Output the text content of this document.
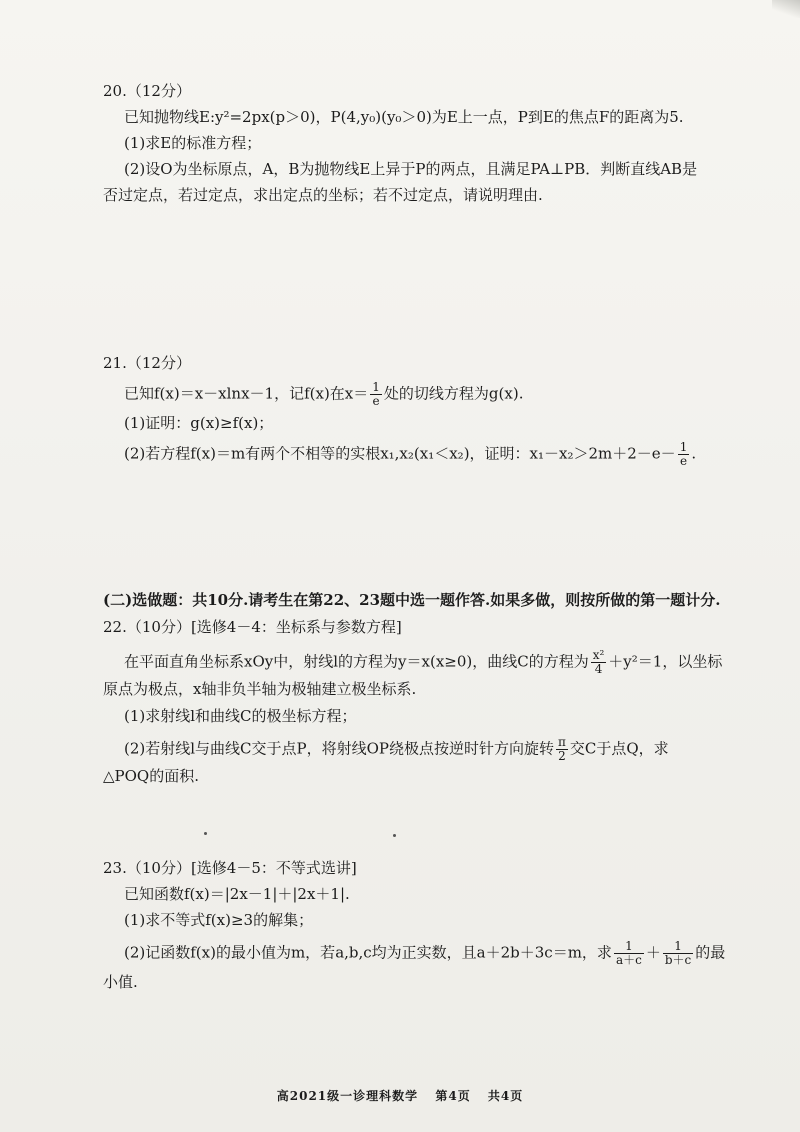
20.（12分）
已知抛物线E:y²=2px(p＞0)，P(4,y₀)(y₀＞0)为E上一点，P到E的焦点F的距离为5.
(1)求E的标准方程；
(2)设O为坐标原点，A，B为抛物线E上异于P的两点，且满足PA⊥PB．判断直线AB是
否过定点，若过定点，求出定点的坐标；若不过定点，请说明理由.
21.（12分）
已知f(x)＝x－xlnx－1，记f(x)在$x= \frac{1}{e}$ 处的切线方程为g(x).
(1)证明：g(x)≥f(x)；
(2)若方程f(x)＝m有两个不相等的实根x₁,x₂(x₁＜x₂)，证明：$x_1-x_2>2m+2-e- \frac{1}{e}$ .
(二)选做题：共10分.请考生在第22、23题中选一题作答.如果多做，则按所做的第一题计分.
22.（10分）[选修4－4：坐标系与参数方程]
在平面直角坐标系xOy中，射线l的方程为y＝x(x≥0)，曲线C的方程为 $\frac{\text{x²}}{4} +y^2=1$，以坐标
原点为极点，x轴非负半轴为极轴建立极坐标系.
(1)求射线l和曲线C的极坐标方程；
(2)若射线l与曲线C交于点P，将射线OP绕极点按逆时针方向旋转 $\frac{\pi}{2}$ 交C于点Q，求
△POQ的面积.
23.（10分）[选修4－5：不等式选讲]
已知函数f(x)＝|2x－1|＋|2x＋1|.
(1)求不等式f(x)≥3的解集；
(2)记函数f(x)的最小值为m，若a,b,c均为正实数，且a＋2b＋3c＝m，求 $\frac{1}{a+c} + \frac{1}{b+c}$ 的最
小值.
高2021级一诊理科数学 第4页 共4页
